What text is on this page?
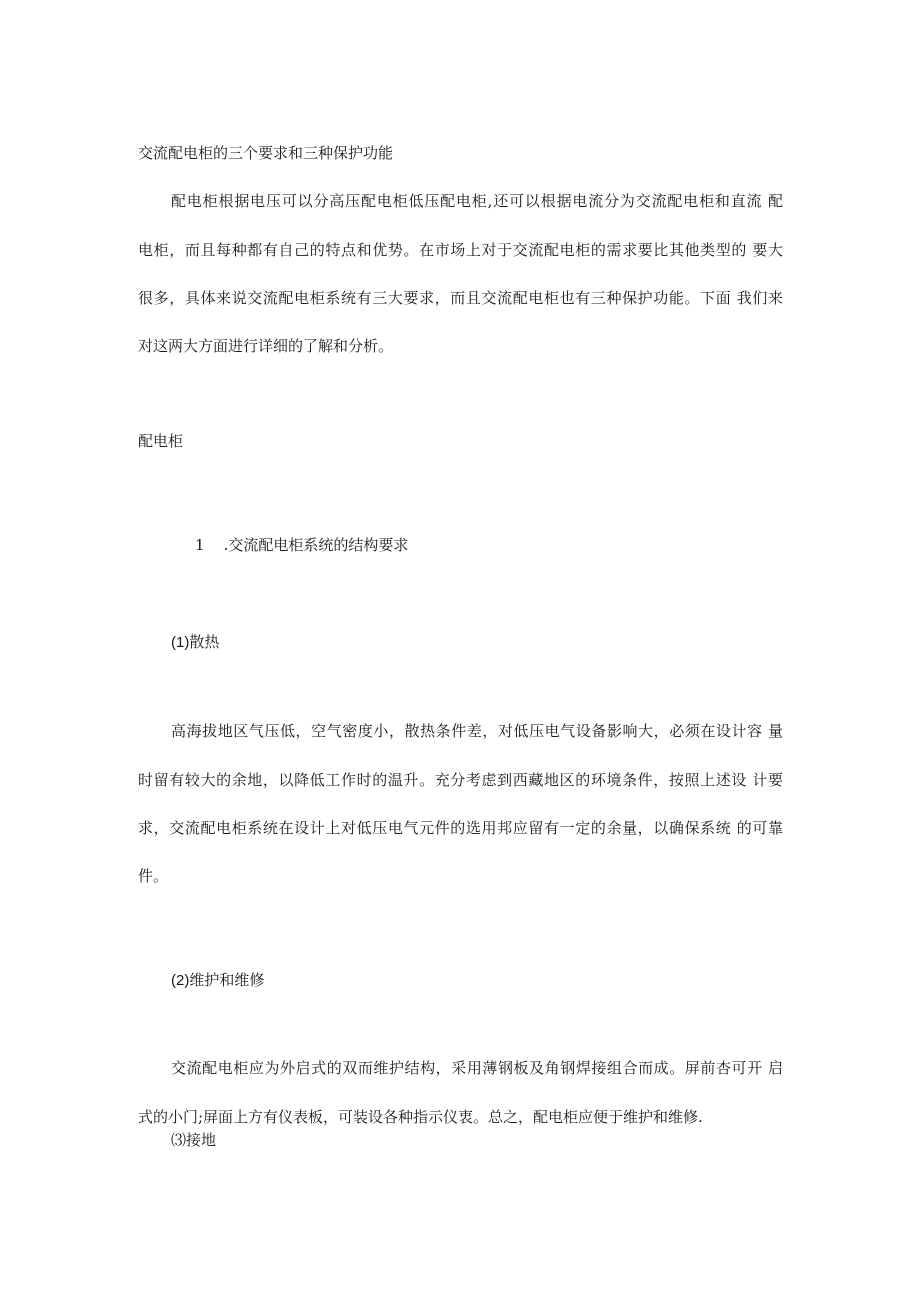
交流配电柜的三个要求和三种保护功能
配电柜根据电压可以分高压配电柜低压配电柜,还可以根据电流分为交流配电柜和直流 配
电柜，而且每种都有自己的特点和优势。在市场上对于交流配电柜的需求要比其他类型的 要大
很多，具体来说交流配电柜系统有三大要求，而且交流配电柜也有三种保护功能。下面 我们来
对这两大方面进行详细的了解和分析。
配电柜
1    .交流配电柜系统的结构要求
(1)散热
高海拔地区气压低，空气密度小，散热条件差，对低压电气设备影响大，必须在设计容 量
时留有较大的余地，以降低工作时的温升。充分考虑到西藏地区的环境条件，按照上述设 计要
求，交流配电柜系统在设计上对低压电气元件的选用邦应留有一定的余量，以确保系统 的可靠
件。
(2)维护和维修
交流配电柜应为外启式的双而维护结构，采用薄钢板及角钢焊接组合而成。屏前杏可开 启
式的小门;屏面上方有仪表板，可装设各种指示仪衷。总之，配电柜应便于维护和维修.
⑶接地
